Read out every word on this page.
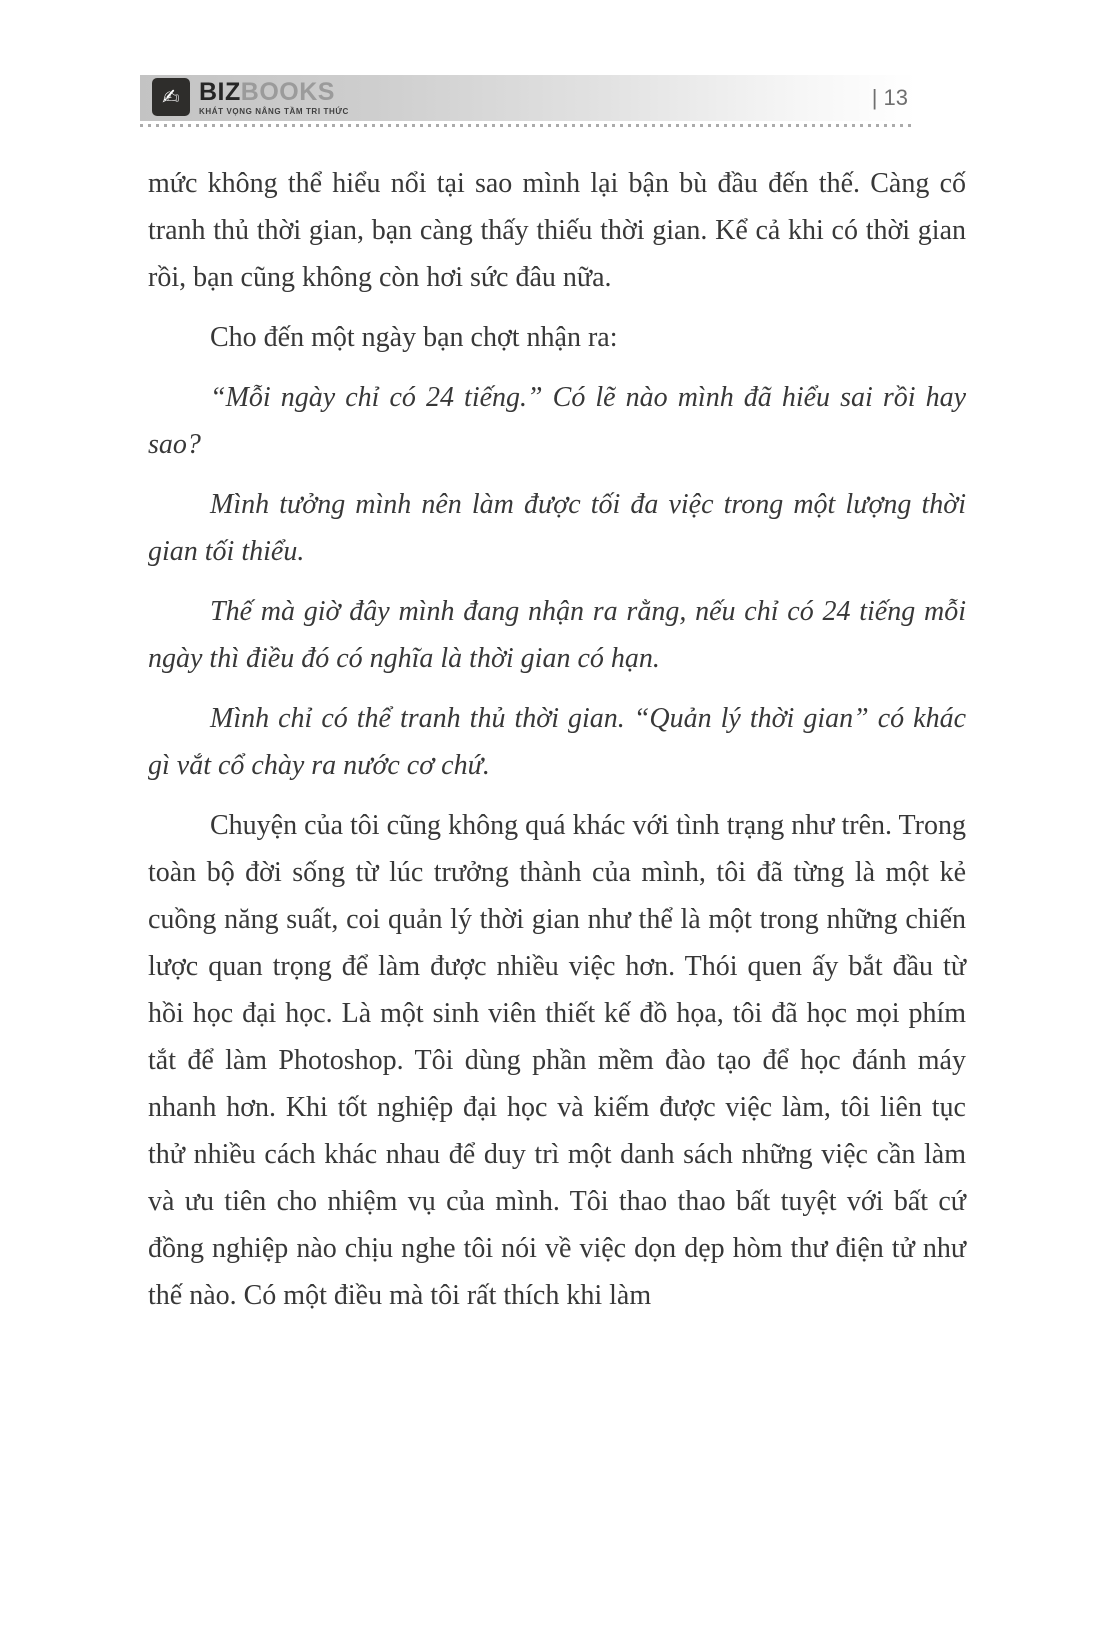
✍ BIZBOOKS
KHÁT VỌNG NÂNG TẦM TRI THỨC
| 13

mức không thể hiểu nổi tại sao mình lại bận bù đầu đến thế. Càng cố tranh thủ thời gian, bạn càng thấy thiếu thời gian. Kể cả khi có thời gian rồi, bạn cũng không còn hơi sức đâu nữa.

Cho đến một ngày bạn chợt nhận ra:

“Mỗi ngày chỉ có 24 tiếng.” Có lẽ nào mình đã hiểu sai rồi hay sao?

Mình tưởng mình nên làm được tối đa việc trong một lượng thời gian tối thiểu.

Thế mà giờ đây mình đang nhận ra rằng, nếu chỉ có 24 tiếng mỗi ngày thì điều đó có nghĩa là thời gian có hạn.

Mình chỉ có thể tranh thủ thời gian. “Quản lý thời gian” có khác gì vắt cổ chày ra nước cơ chứ.

Chuyện của tôi cũng không quá khác với tình trạng như trên. Trong toàn bộ đời sống từ lúc trưởng thành của mình, tôi đã từng là một kẻ cuồng năng suất, coi quản lý thời gian như thể là một trong những chiến lược quan trọng để làm được nhiều việc hơn. Thói quen ấy bắt đầu từ hồi học đại học. Là một sinh viên thiết kế đồ họa, tôi đã học mọi phím tắt để làm Photoshop. Tôi dùng phần mềm đào tạo để học đánh máy nhanh hơn. Khi tốt nghiệp đại học và kiếm được việc làm, tôi liên tục thử nhiều cách khác nhau để duy trì một danh sách những việc cần làm và ưu tiên cho nhiệm vụ của mình. Tôi thao thao bất tuyệt với bất cứ đồng nghiệp nào chịu nghe tôi nói về việc dọn dẹp hòm thư điện tử như thế nào. Có một điều mà tôi rất thích khi làm
